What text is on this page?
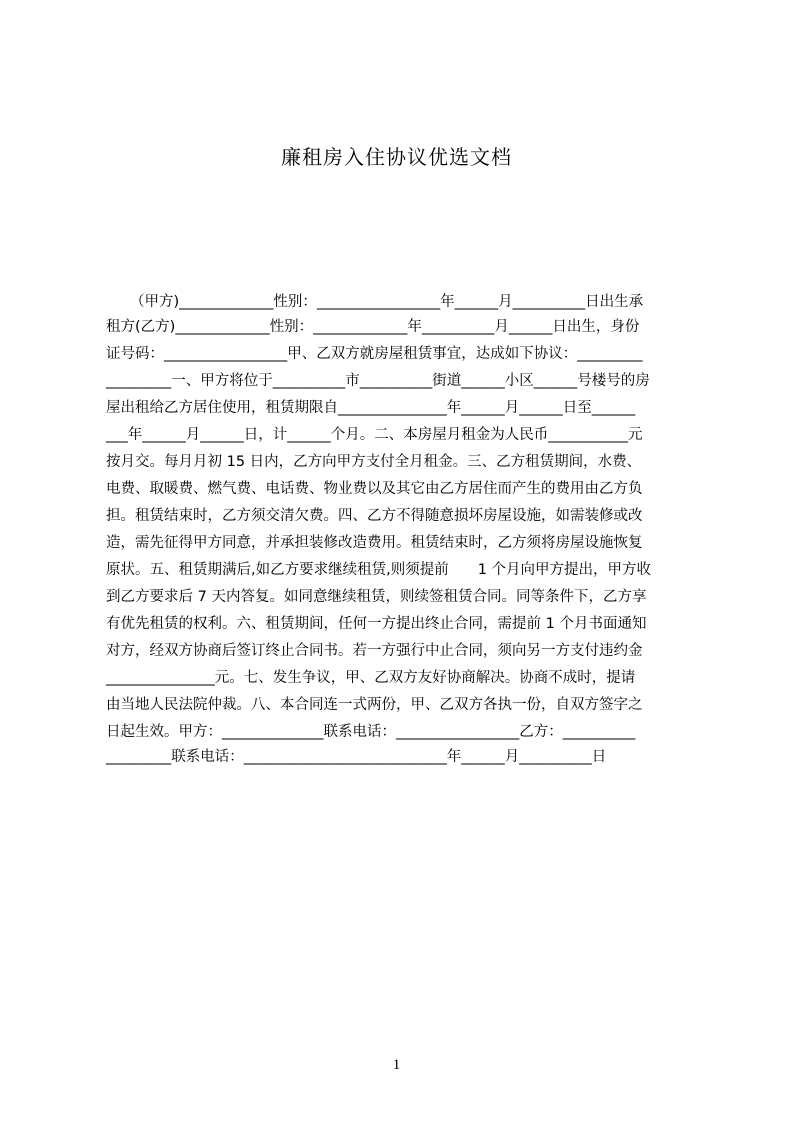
廉租房入住协议优选文档
（甲方)_____________性别：_________________年______月__________日出生承
租方(乙方)_____________性别：_____________年__________月______日出生，身份
证号码：_________________甲、乙双方就房屋租赁事宜，达成如下协议：_________
_________一、甲方将位于__________市__________街道______小区______号楼号的房
屋出租给乙方居住使用，租赁期限自_______________年______月______日至______
___年______月______日，计______个月。二、本房屋月租金为人民币___________元
按月交。每月月初 15 日内，乙方向甲方支付全月租金。三、乙方租赁期间，水费、
电费、取暖费、燃气费、电话费、物业费以及其它由乙方居住而产生的费用由乙方负
担。租赁结束时，乙方须交清欠费。四、乙方不得随意损坏房屋设施，如需装修或改
造，需先征得甲方同意，并承担装修改造费用。租赁结束时，乙方须将房屋设施恢复
原状。五、租赁期满后,如乙方要求继续租赁,则须提前　　1 个月向甲方提出，甲方收
到乙方要求后 7 天内答复。如同意继续租赁，则续签租赁合同。同等条件下，乙方享
有优先租赁的权利。六、租赁期间，任何一方提出终止合同，需提前 1 个月书面通知
对方，经双方协商后签订终止合同书。若一方强行中止合同，须向另一方支付违约金
_______________元。七、发生争议，甲、乙双方友好协商解决。协商不成时，提请
由当地人民法院仲裁。八、本合同连一式两份，甲、乙双方各执一份，自双方签字之
日起生效。甲方：______________联系电话：_________________乙方：__________
_________联系电话：____________________________年______月__________日
1
